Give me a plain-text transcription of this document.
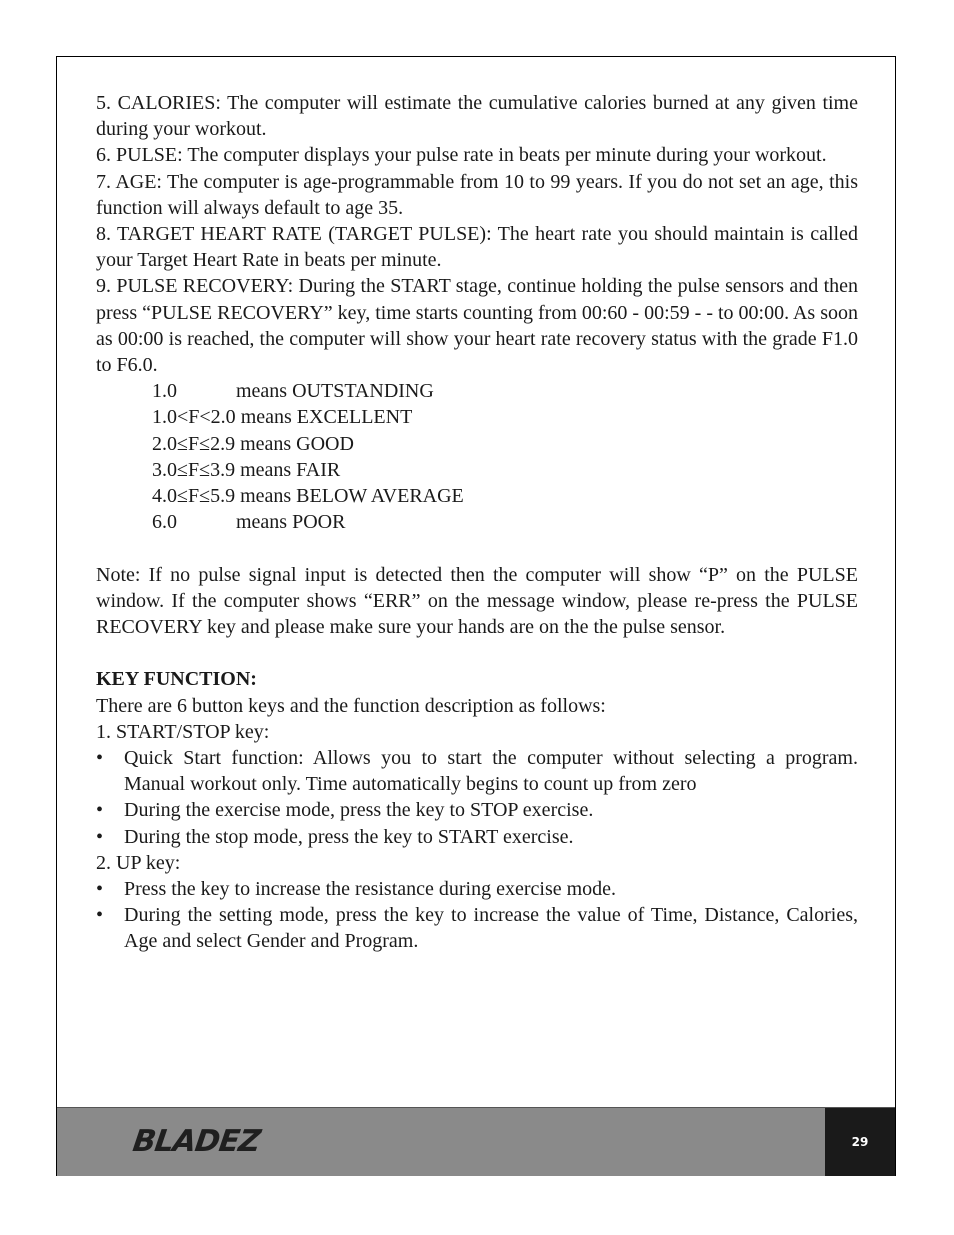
5. CALORIES: The computer will estimate the cumulative calories burned at any given time during your workout.

6. PULSE: The computer displays your pulse rate in beats per minute during your workout.

7. AGE: The computer is age-programmable from 10 to 99 years. If you do not set an age, this function will always default to age 35.

8. TARGET HEART RATE (TARGET PULSE): The heart rate you should maintain is called your Target Heart Rate in beats per minute.

9. PULSE RECOVERY: During the START stage, continue holding the pulse sensors and then press “PULSE RECOVERY” key, time starts counting from 00:60 - 00:59 - - to 00:00. As soon as 00:00 is reached, the computer will show your heart rate recovery status with the grade F1.0 to F6.0.

1.0	means OUTSTANDING
1.0<F<2.0 means EXCELLENT
2.0≤F≤2.9 means GOOD
3.0≤F≤3.9 means FAIR
4.0≤F≤5.9 means BELOW AVERAGE
6.0	means POOR

Note: If no pulse signal input is detected then the computer will show “P” on the PULSE window. If the computer shows “ERR” on the message window, please re-press the PULSE RECOVERY key and please make sure your hands are on the the pulse sensor.

KEY FUNCTION:

There are 6 button keys and the function description as follows:

1. START/STOP key:

•	Quick Start function: Allows you to start the computer without selecting a program. Manual workout only. Time automatically begins to count up from zero
•	During the exercise mode, press the key to STOP exercise.
•	During the stop mode, press the key to START exercise.

2. UP key:

•	Press the key to increase the resistance during exercise mode.
•	During the setting mode, press the key to increase the value of Time, Distance, Calories, Age and select Gender and Program.
BLADEZ	29
